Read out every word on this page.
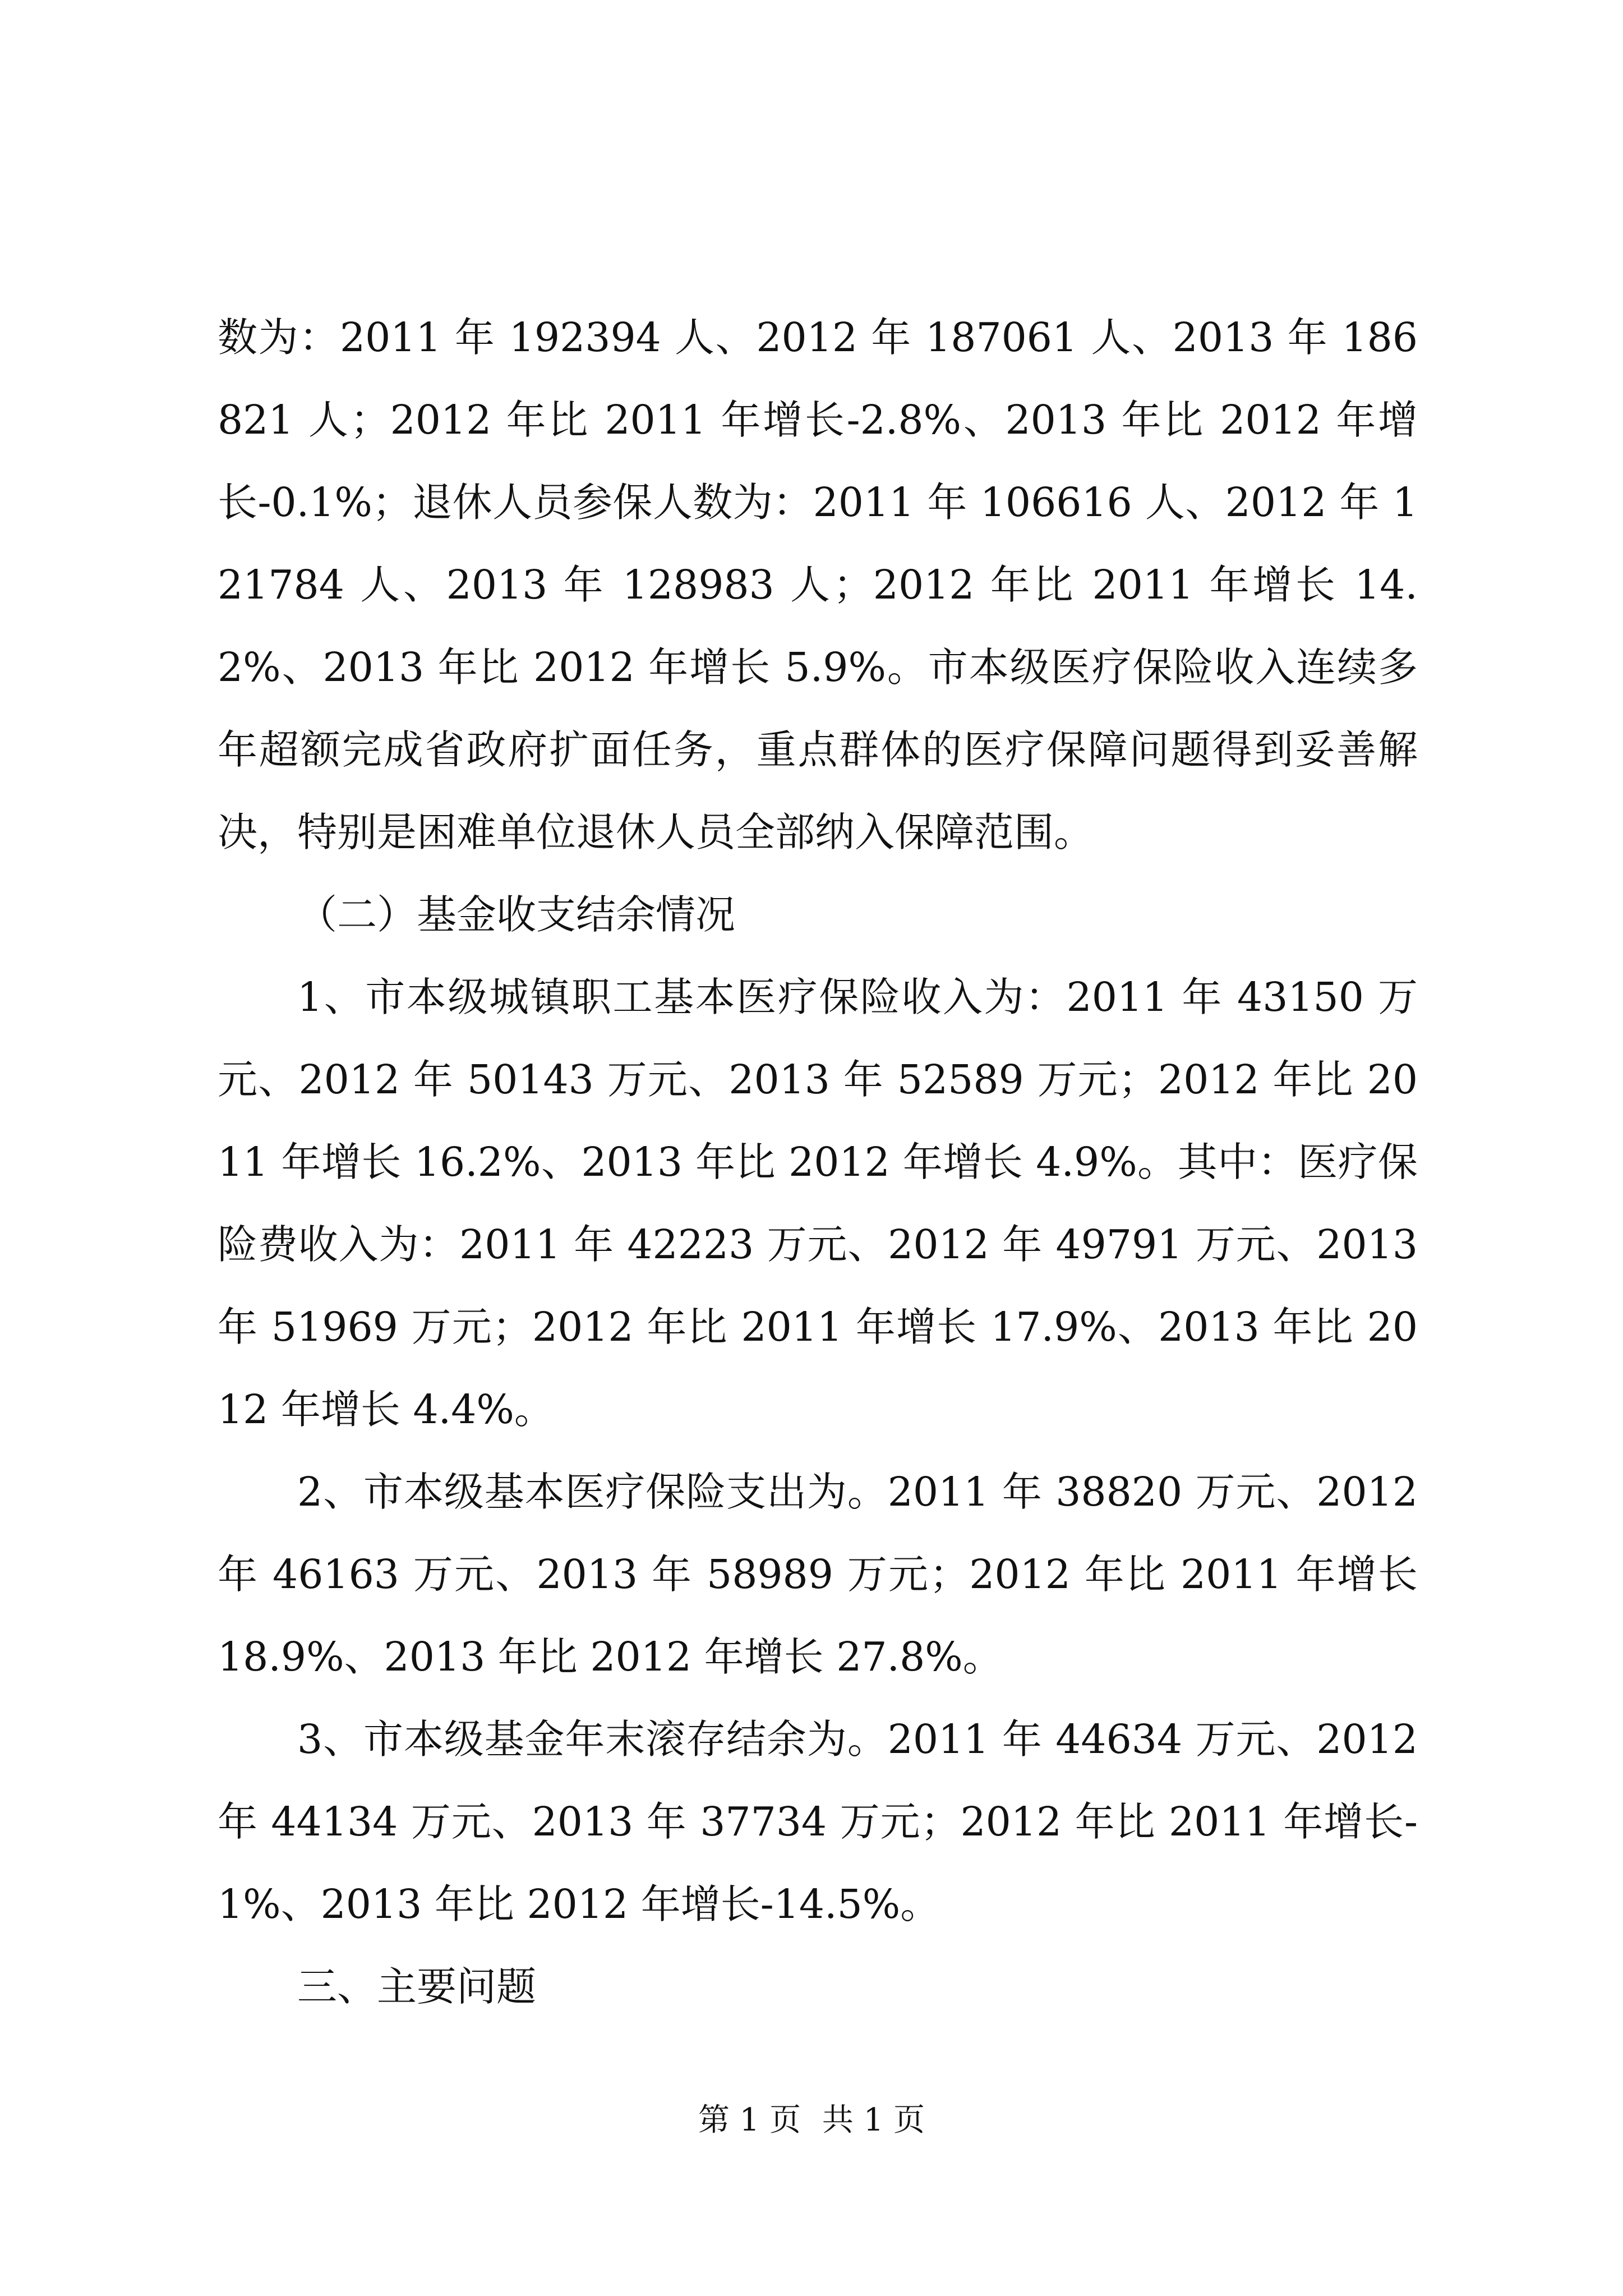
数为：2011 年 192394 人、2012 年 187061 人、2013 年 186821 人；2012 年比 2011 年增长-2.8%、2013 年比 2012 年增长-0.1%；退休人员参保人数为：2011 年 106616 人、2012 年 121784 人、2013 年 128983 人；2012 年比 2011 年增长 14.2%、2013 年比 2012 年增长 5.9%。市本级医疗保险收入连续多年超额完成省政府扩面任务，重点群体的医疗保障问题得到妥善解决，特别是困难单位退休人员全部纳入保障范围。

（二）基金收支结余情况

1、市本级城镇职工基本医疗保险收入为：2011 年 43150 万元、2012 年 50143 万元、2013 年 52589 万元；2012 年比 2011 年增长 16.2%、2013 年比 2012 年增长 4.9%。其中：医疗保险费收入为：2011 年 42223 万元、2012 年 49791 万元、2013 年 51969 万元；2012 年比 2011 年增长 17.9%、2013 年比 2012 年增长 4.4%。

2、市本级基本医疗保险支出为。2011 年 38820 万元、2012 年 46163 万元、2013 年 58989 万元；2012 年比 2011 年增长 18.9%、2013 年比 2012 年增长 27.8%。

3、市本级基金年末滚存结余为。2011 年 44634 万元、2012 年 44134 万元、2013 年 37734 万元；2012 年比 2011 年增长-1%、2013 年比 2012 年增长-14.5%。

三、主要问题

第 1 页 共 1 页
